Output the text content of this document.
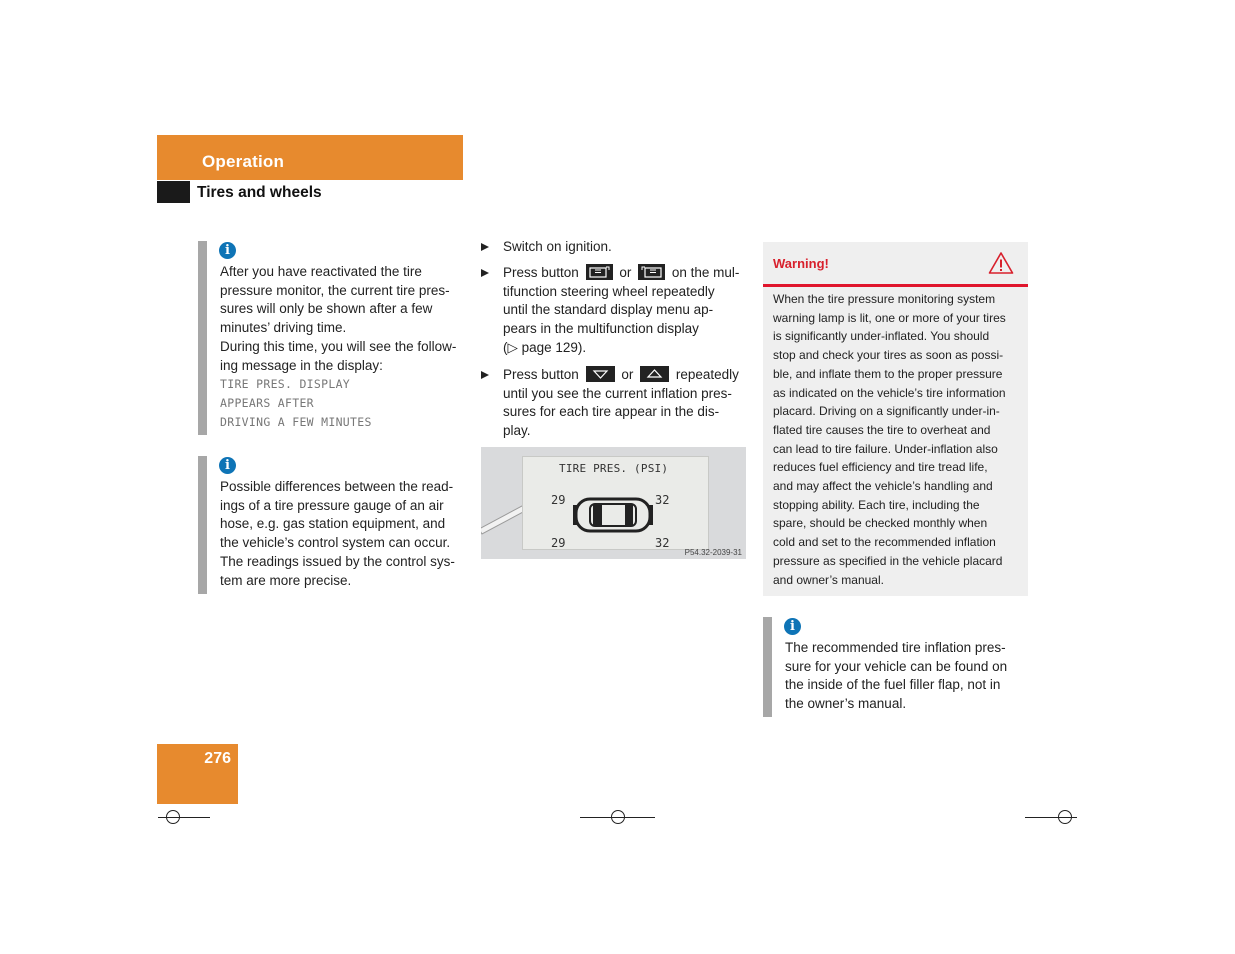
Operation
Tires and wheels
i
After you have reactivated the tire
pressure monitor, the current tire pres-
sures will only be shown after a few
minutes’ driving time.
During this time, you will see the follow-
ing message in the display:
TIRE PRES. DISPLAY
APPEARS AFTER
DRIVING A FEW MINUTES
i
Possible differences between the read-
ings of a tire pressure gauge of an air
hose, e.g. gas station equipment, and
the vehicle’s control system can occur.
The readings issued by the control sys-
tem are more precise.
Switch on ignition.
Press button	or	on the mul-
tifunction steering wheel repeatedly
until the standard display menu ap-
pears in the multifunction display
(▷ page 129).
Press button	or	repeatedly
until you see the current inflation pres-
sures for each tire appear in the dis-
play.
TIRE PRES. (PSI)
29	32
29	32
P54.32-2039-31
Warning!
When the tire pressure monitoring system
warning lamp is lit, one or more of your tires
is significantly under-inflated. You should
stop and check your tires as soon as possi-
ble, and inflate them to the proper pressure
as indicated on the vehicle’s tire information
placard. Driving on a significantly under-in-
flated tire causes the tire to overheat and
can lead to tire failure. Under-inflation also
reduces fuel efficiency and tire tread life,
and may affect the vehicle’s handling and
stopping ability. Each tire, including the
spare, should be checked monthly when
cold and set to the recommended inflation
pressure as specified in the vehicle placard
and owner’s manual.
i
The recommended tire inflation pres-
sure for your vehicle can be found on
the inside of the fuel filler flap, not in
the owner’s manual.
276
